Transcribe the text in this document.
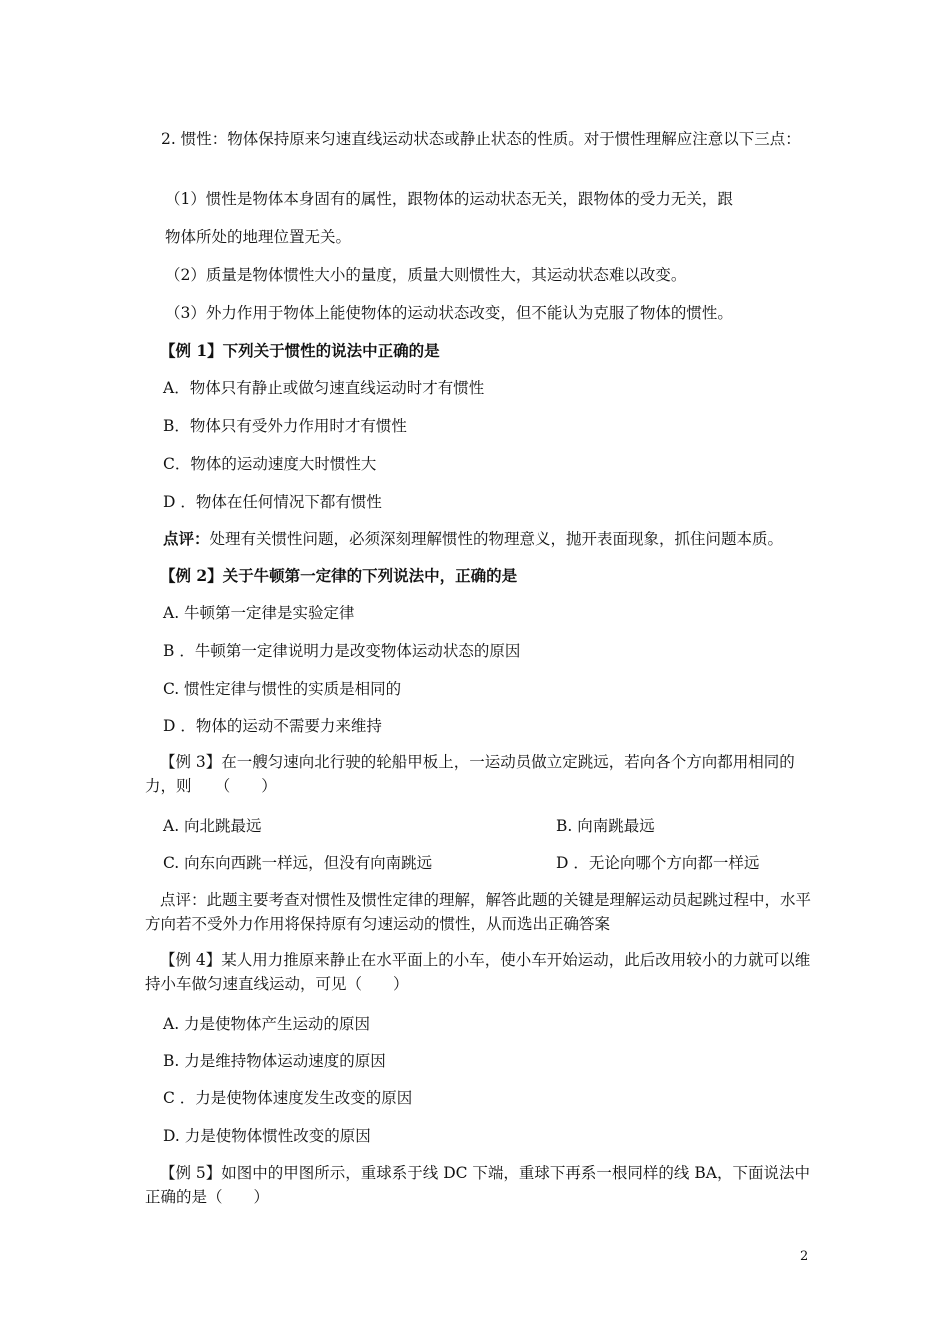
2. 惯性：物体保持原来匀速直线运动状态或静止状态的性质。对于惯性理解应注意以下三点：
（1）惯性是物体本身固有的属性，跟物体的运动状态无关，跟物体的受力无关，跟
物体所处的地理位置无关。
（2）质量是物体惯性大小的量度，质量大则惯性大，其运动状态难以改变。
（3）外力作用于物体上能使物体的运动状态改变，但不能认为克服了物体的惯性。
【例 1】下列关于惯性的说法中正确的是
A．物体只有静止或做匀速直线运动时才有惯性
B．物体只有受外力作用时才有惯性
C．物体的运动速度大时惯性大
D ．物体在任何情况下都有惯性
点评：处理有关惯性问题，必须深刻理解惯性的物理意义，抛开表面现象，抓住问题本质。
【例 2】关于牛顿第一定律的下列说法中，正确的是
A. 牛顿第一定律是实验定律
B ．牛顿第一定律说明力是改变物体运动状态的原因
C. 惯性定律与惯性的实质是相同的
D ．物体的运动不需要力来维持
【例 3】在一艘匀速向北行驶的轮船甲板上，一运动员做立定跳远，若向各个方向都用相同的力，则　　（　　）
A. 向北跳最远	B. 向南跳最远
C. 向东向西跳一样远，但没有向南跳远	D ．无论向哪个方向都一样远
点评：此题主要考查对惯性及惯性定律的理解，解答此题的关键是理解运动员起跳过程中，水平方向若不受外力作用将保持原有匀速运动的惯性，从而选出正确答案
【例 4】某人用力推原来静止在水平面上的小车，使小车开始运动，此后改用较小的力就可以维持小车做匀速直线运动，可见（　　）
A. 力是使物体产生运动的原因
B. 力是维持物体运动速度的原因
C ．力是使物体速度发生改变的原因
D. 力是使物体惯性改变的原因
【例 5】如图中的甲图所示，重球系于线 DC 下端，重球下再系一根同样的线 BA，下面说法中正确的是（　　）
2
